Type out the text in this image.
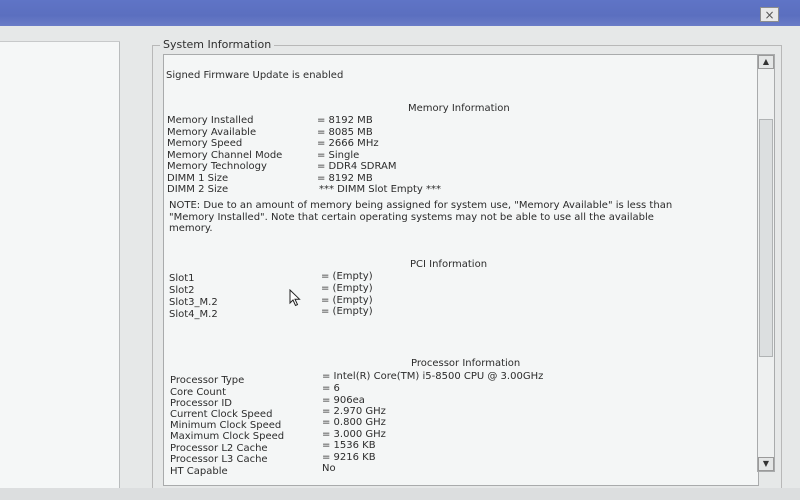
×
System Information
Signed Firmware Update is enabled
Memory Information
Memory Installed	= 8192 MB
Memory Available	= 8085 MB
Memory Speed	= 2666 MHz
Memory Channel Mode	= Single
Memory Technology	= DDR4 SDRAM
DIMM 1 Size	= 8192 MB
DIMM 2 Size	*** DIMM Slot Empty ***
NOTE: Due to an amount of memory being assigned for system use, "Memory Available" is less than "Memory Installed". Note that certain operating systems may not be able to use all the available memory.
PCI Information
Slot1	= (Empty)
Slot2	= (Empty)
Slot3_M.2	= (Empty)
Slot4_M.2	= (Empty)
Processor Information
Processor Type	= Intel(R) Core(TM) i5-8500 CPU @ 3.00GHz
Core Count	= 6
Processor ID	= 906ea
Current Clock Speed	= 2.970 GHz
Minimum Clock Speed	= 0.800 GHz
Maximum Clock Speed	= 3.000 GHz
Processor L2 Cache	= 1536 KB
Processor L3 Cache	= 9216 KB
HT Capable	No
▲
▼
